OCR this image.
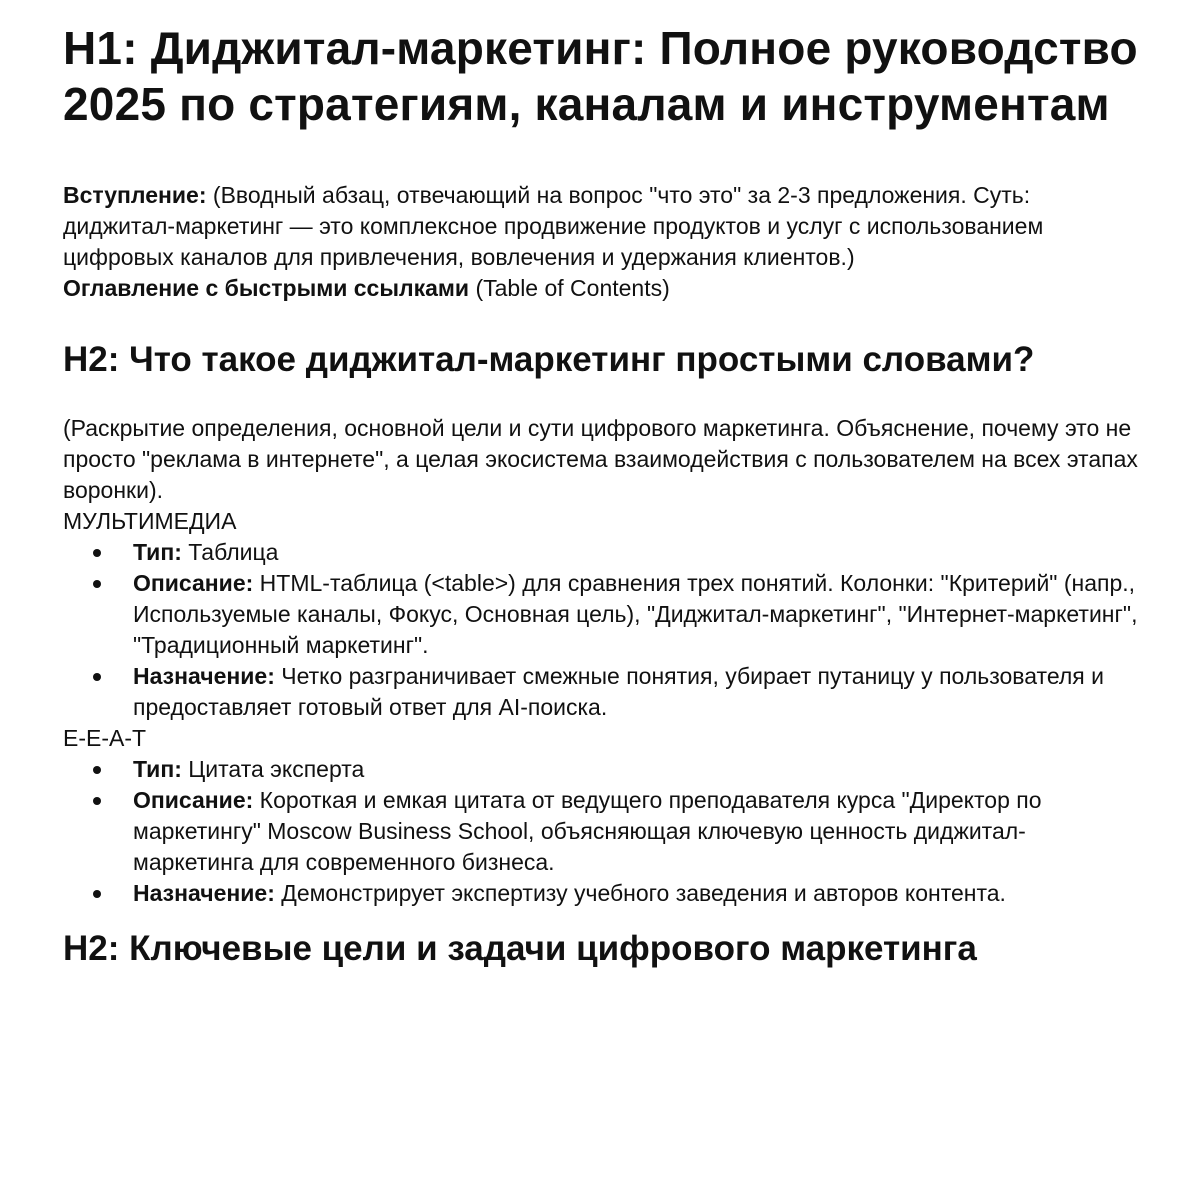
H1: Диджитал-маркетинг: Полное руководство 2025 по стратегиям, каналам и инструментам

Вступление: (Вводный абзац, отвечающий на вопрос "что это" за 2-3 предложения. Суть: диджитал-маркетинг — это комплексное продвижение продуктов и услуг с использованием цифровых каналов для привлечения, вовлечения и удержания клиентов.)

Оглавление с быстрыми ссылками (Table of Contents)

H2: Что такое диджитал-маркетинг простыми словами?

(Раскрытие определения, основной цели и сути цифрового маркетинга. Объяснение, почему это не просто "реклама в интернете", а целая экосистема взаимодействия с пользователем на всех этапах воронки).

МУЛЬТИМЕДИА

Тип: Таблица
Описание: HTML-таблица (<table>) для сравнения трех понятий. Колонки: "Критерий" (напр., Используемые каналы, Фокус, Основная цель), "Диджитал-маркетинг", "Интернет-маркетинг", "Традиционный маркетинг".
Назначение: Четко разграничивает смежные понятия, убирает путаницу у пользователя и предоставляет готовый ответ для AI-поиска.

E-E-A-T

Тип: Цитата эксперта
Описание: Короткая и емкая цитата от ведущего преподавателя курса "Директор по маркетингу" Moscow Business School, объясняющая ключевую ценность диджитал-маркетинга для современного бизнеса.
Назначение: Демонстрирует экспертизу учебного заведения и авторов контента.
H2: Ключевые цели и задачи цифрового маркетинга
